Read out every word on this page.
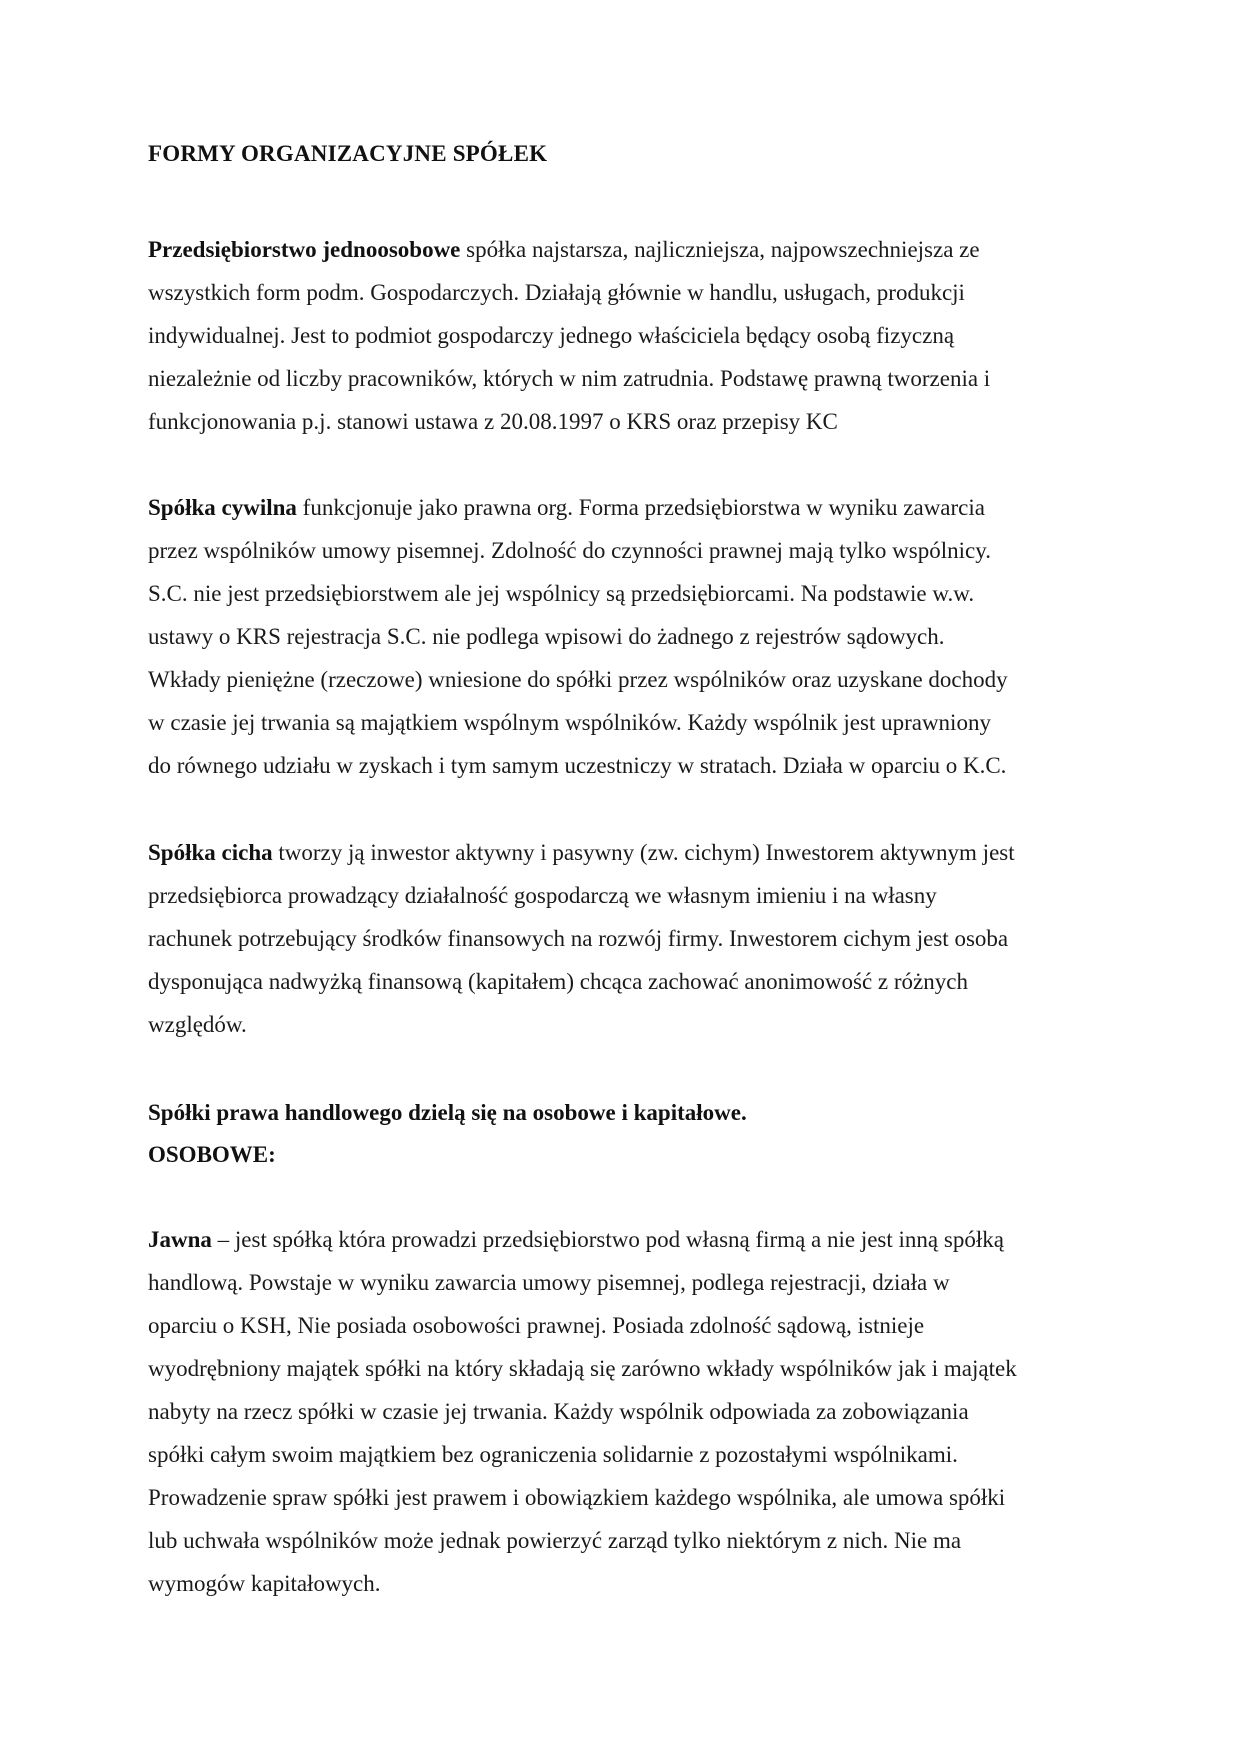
FORMY ORGANIZACYJNE SPÓŁEK
Przedsiębiorstwo jednoosobowe spółka najstarsza, najliczniejsza, najpowszechniejsza ze
wszystkich form podm. Gospodarczych. Działają głównie w handlu, usługach, produkcji
indywidualnej. Jest to podmiot gospodarczy jednego właściciela będący osobą fizyczną
niezależnie od liczby pracowników, których w nim zatrudnia. Podstawę prawną tworzenia i
funkcjonowania p.j. stanowi ustawa z 20.08.1997 o KRS oraz przepisy KC
Spółka cywilna funkcjonuje jako prawna org. Forma przedsiębiorstwa w wyniku zawarcia
przez wspólników umowy pisemnej. Zdolność do czynności prawnej mają tylko wspólnicy.
S.C. nie jest przedsiębiorstwem ale jej wspólnicy są przedsiębiorcami. Na podstawie w.w.
ustawy o KRS rejestracja S.C. nie podlega wpisowi do żadnego z rejestrów sądowych.
Wkłady pieniężne (rzeczowe) wniesione do spółki przez wspólników oraz uzyskane dochody
w czasie jej trwania są majątkiem wspólnym wspólników. Każdy wspólnik jest uprawniony
do równego udziału w zyskach i tym samym uczestniczy w stratach. Działa w oparciu o K.C.
Spółka cicha tworzy ją inwestor aktywny i pasywny (zw. cichym) Inwestorem aktywnym jest
przedsiębiorca prowadzący działalność gospodarczą we własnym imieniu i na własny
rachunek potrzebujący środków finansowych na rozwój firmy. Inwestorem cichym jest osoba
dysponująca nadwyżką finansową (kapitałem) chcąca zachować anonimowość z różnych
względów.
Spółki prawa handlowego dzielą się na osobowe i kapitałowe.
OSOBOWE:
Jawna – jest spółką która prowadzi przedsiębiorstwo pod własną firmą a nie jest inną spółką
handlową. Powstaje w wyniku zawarcia umowy pisemnej, podlega rejestracji, działa w
oparciu o KSH, Nie posiada osobowości prawnej. Posiada zdolność sądową, istnieje
wyodrębniony majątek spółki na który składają się zarówno wkłady wspólników jak i majątek
nabyty na rzecz spółki w czasie jej trwania. Każdy wspólnik odpowiada za zobowiązania
spółki całym swoim majątkiem bez ograniczenia solidarnie z pozostałymi wspólnikami.
Prowadzenie spraw spółki jest prawem i obowiązkiem każdego wspólnika, ale umowa spółki
lub uchwała wspólników może jednak powierzyć zarząd tylko niektórym z nich. Nie ma
wymogów kapitałowych.
